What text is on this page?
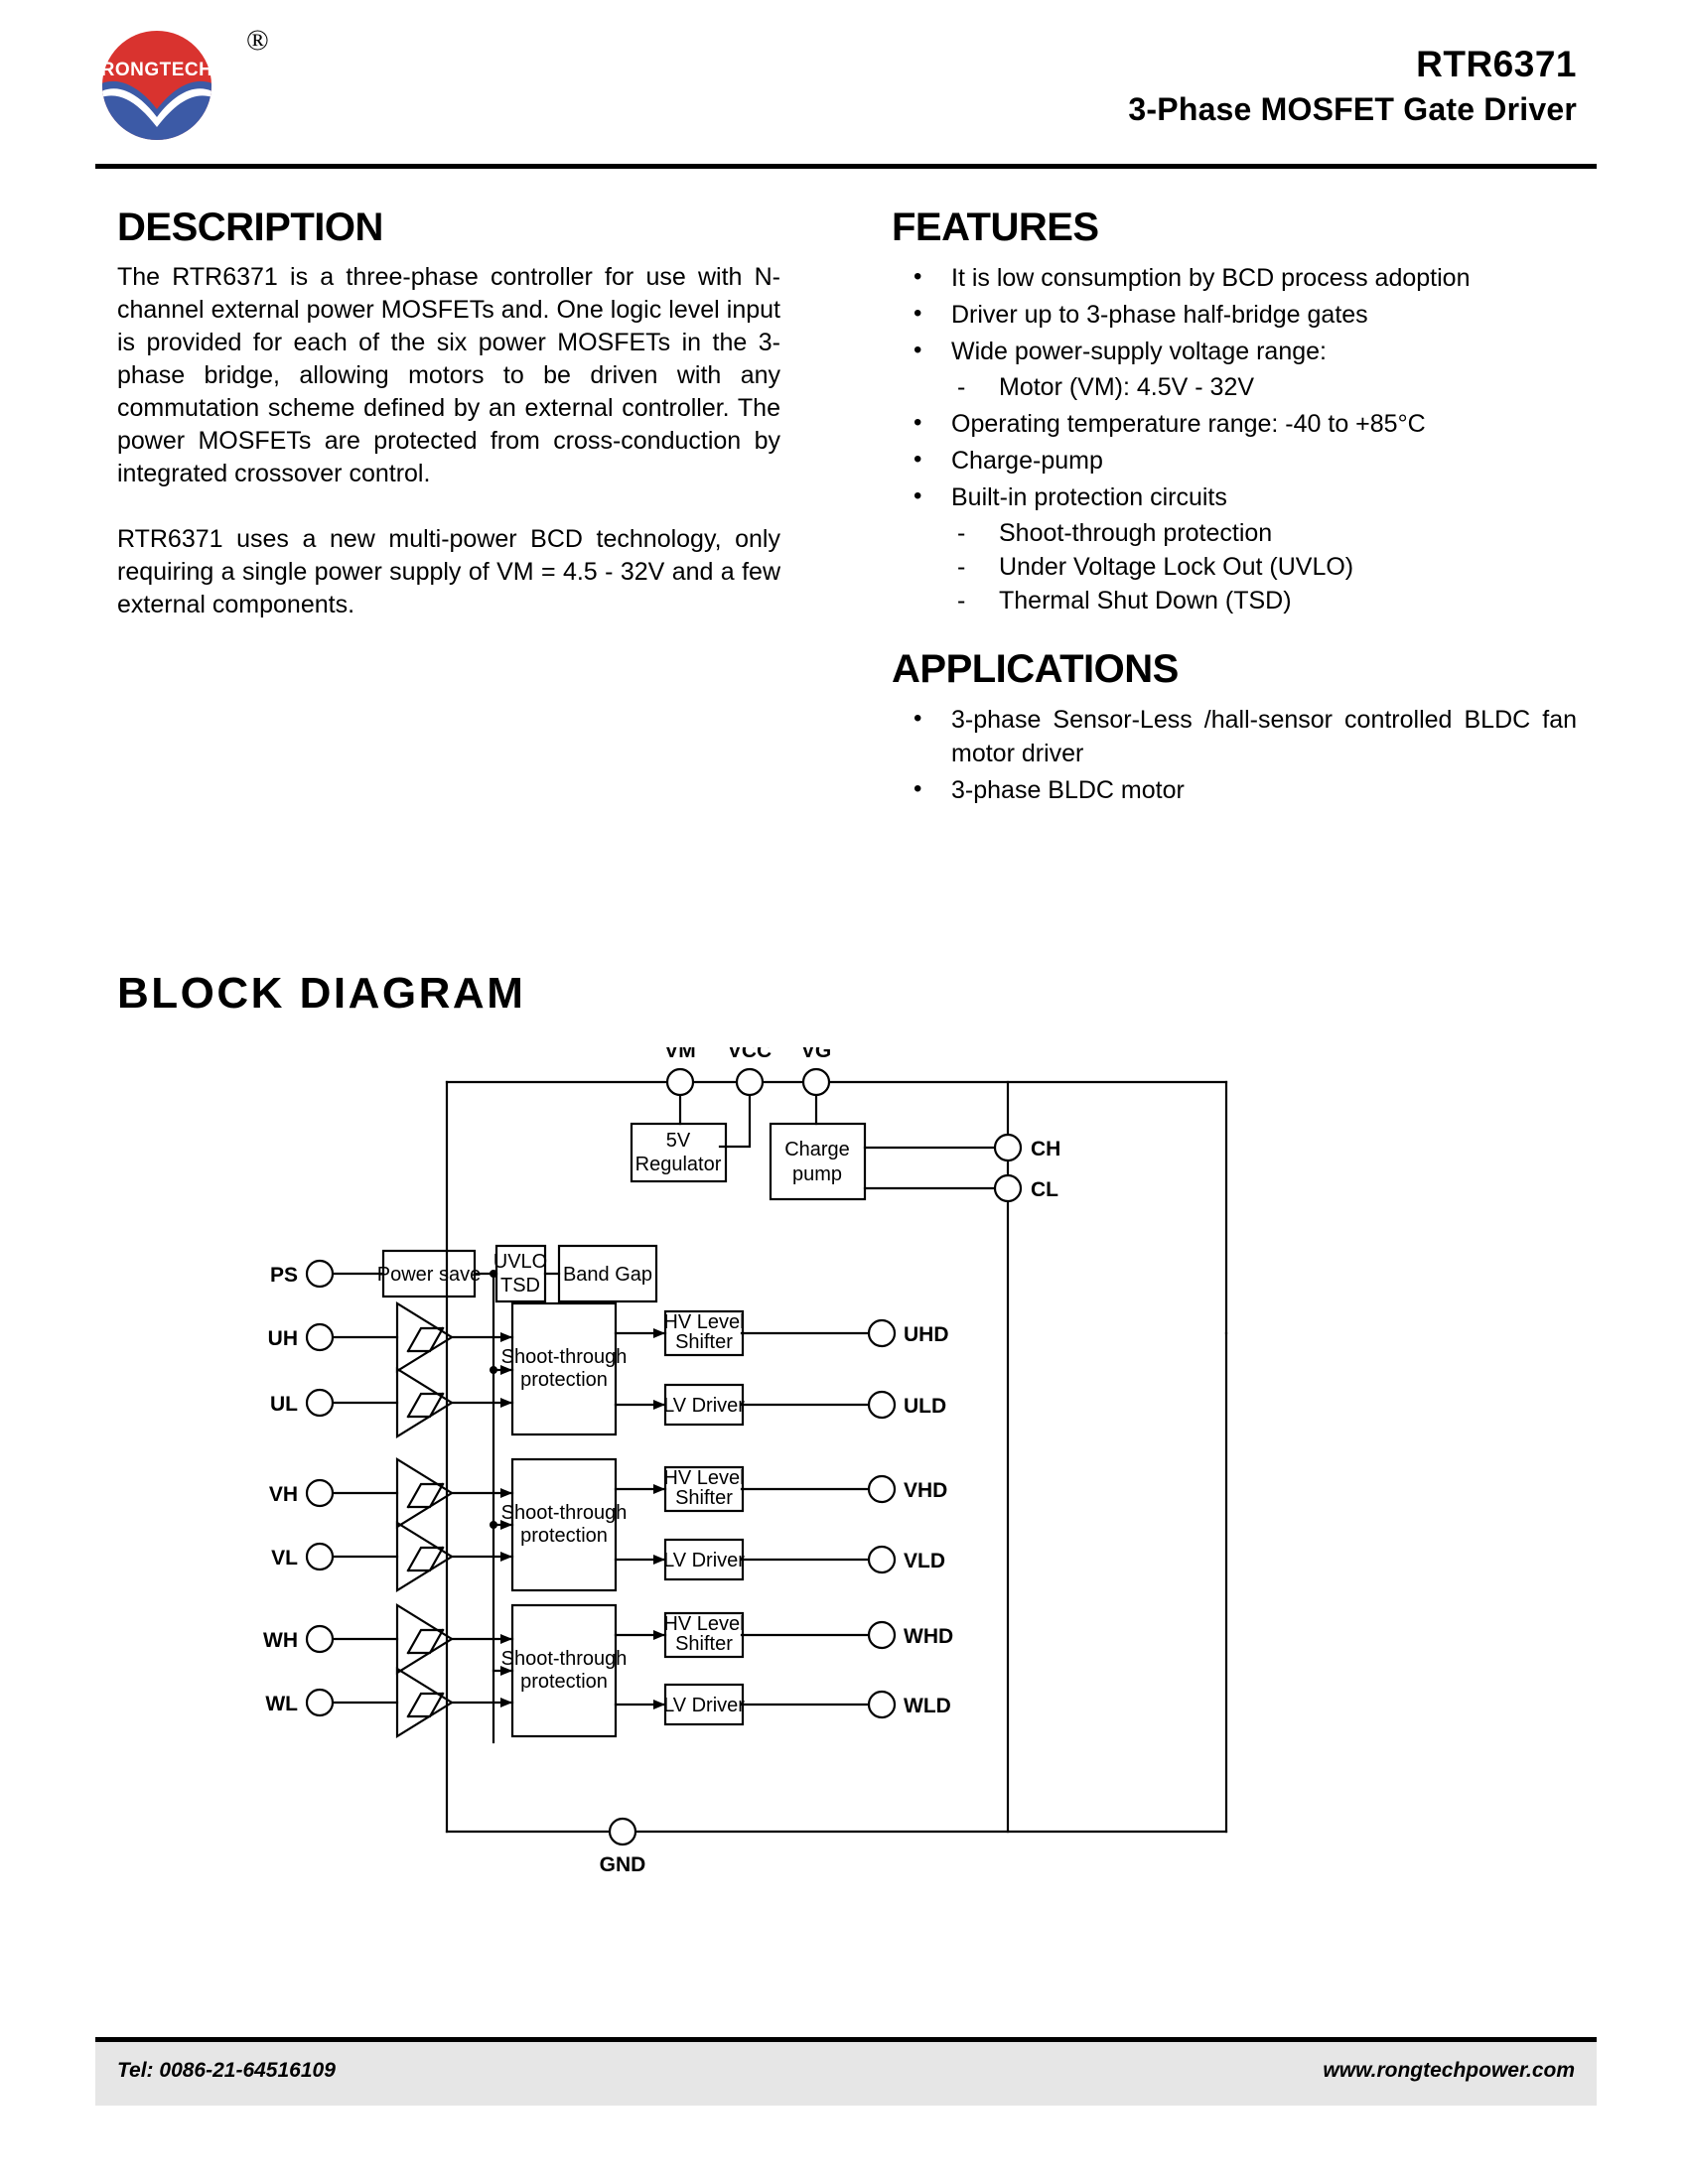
RONGTECH
®
RTR6371
3-Phase MOSFET Gate Driver
DESCRIPTION

The RTR6371 is a three-phase controller for use with N-channel external power MOSFETs and. One logic level input is provided for each of the six power MOSFETs in the 3-phase bridge, allowing motors to be driven with any commutation scheme defined by an external controller. The power MOSFETs are protected from cross-conduction by integrated crossover control.

RTR6371 uses a new multi-power BCD technology, only requiring a single power supply of VM = 4.5 - 32V and a few external components.

FEATURES
• It is low consumption by BCD process adoption
• Driver up to 3-phase half-bridge gates
• Wide power-supply voltage range:
- Motor (VM): 4.5V - 32V
• Operating temperature range: -40 to +85°C
• Charge-pump
• Built-in protection circuits
- Shoot-through protection
- Under Voltage Lock Out (UVLO)
- Thermal Shut Down (TSD)
APPLICATIONS
• 3-phase Sensor-Less /hall-sensor controlled BLDC fan motor driver
• 3-phase BLDC motor
BLOCK DIAGRAM
Power save
UVLO
TSD Band Gap
5V
Regulator
Charge
pump
Shoot-through
protection
Shoot-through
protection
Shoot-through
protection
HV Level
Shifter
LV Driver
HV Level
Shifter
LV Driver
HV Level
Shifter
LV Driver
VM VCC VG
PS
UH
UL
VH
VL
WH
WL
CH
CL
UHD
ULD
VHD
VLD
WHD
WLD
GND
Tel: 0086-21-64516109	www.rongtechpower.com
